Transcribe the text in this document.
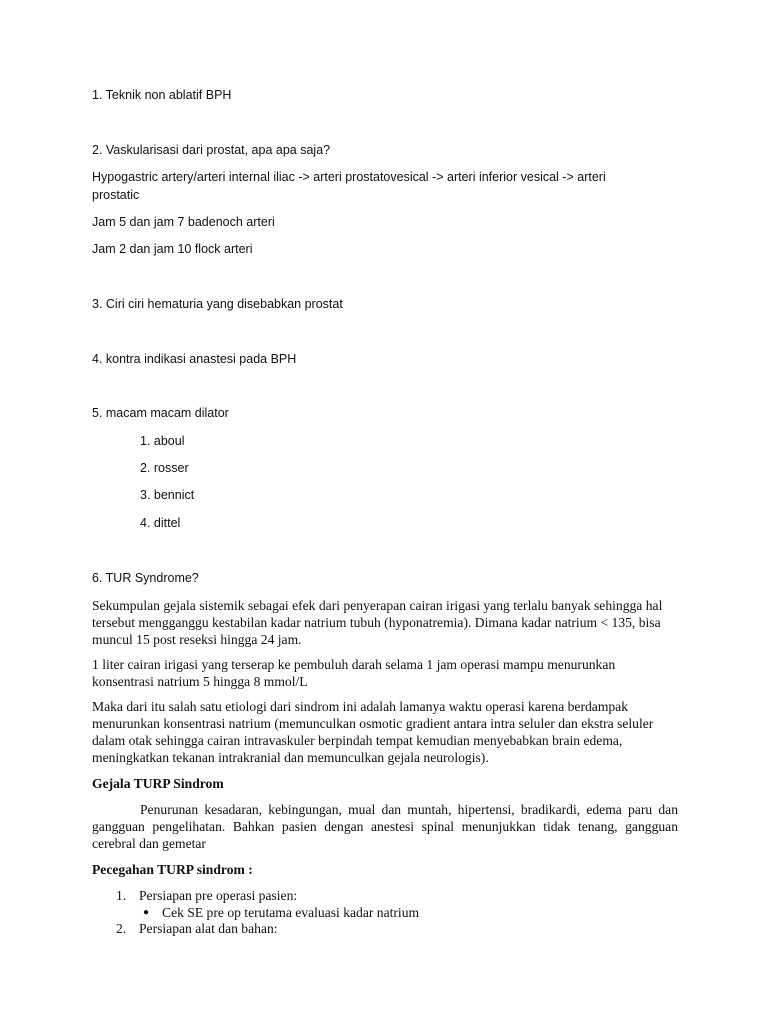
1. Teknik non ablatif BPH
2. Vaskularisasi dari prostat, apa apa saja?
Hypogastric artery/arteri internal iliac -> arteri prostatovesical -> arteri inferior vesical -> arteri
prostatic
Jam 5 dan jam 7 badenoch arteri
Jam 2 dan jam 10 flock arteri
3. Ciri ciri hematuria yang disebabkan prostat
4. kontra indikasi anastesi pada BPH
5. macam macam dilator
1. aboul
2. rosser
3. bennict
4. dittel
6. TUR Syndrome?
Sekumpulan gejala sistemik sebagai efek dari penyerapan cairan irigasi yang terlalu banyak sehingga hal tersebut mengganggu kestabilan kadar natrium tubuh (hyponatremia). Dimana kadar natrium < 135, bisa muncul 15 post reseksi hingga 24 jam.
1 liter cairan irigasi yang terserap ke pembuluh darah selama 1 jam operasi mampu menurunkan konsentrasi natrium 5 hingga 8 mmol/L
Maka dari itu salah satu etiologi dari sindrom ini adalah lamanya waktu operasi karena berdampak menurunkan konsentrasi natrium (memunculkan osmotic gradient antara intra seluler dan ekstra seluler dalam otak sehingga cairan intravaskuler berpindah tempat kemudian menyebabkan brain edema, meningkatkan tekanan intrakranial dan memunculkan gejala neurologis).
Gejala TURP Sindrom
Penurunan kesadaran, kebingungan, mual dan muntah, hipertensi, bradikardi, edema paru dan gangguan pengelihatan. Bahkan pasien dengan anestesi spinal menunjukkan tidak tenang, gangguan cerebral dan gemetar
Pecegahan TURP sindrom :
1. Persiapan pre operasi pasien:
● Cek SE pre op terutama evaluasi kadar natrium
2. Persiapan alat dan bahan:
